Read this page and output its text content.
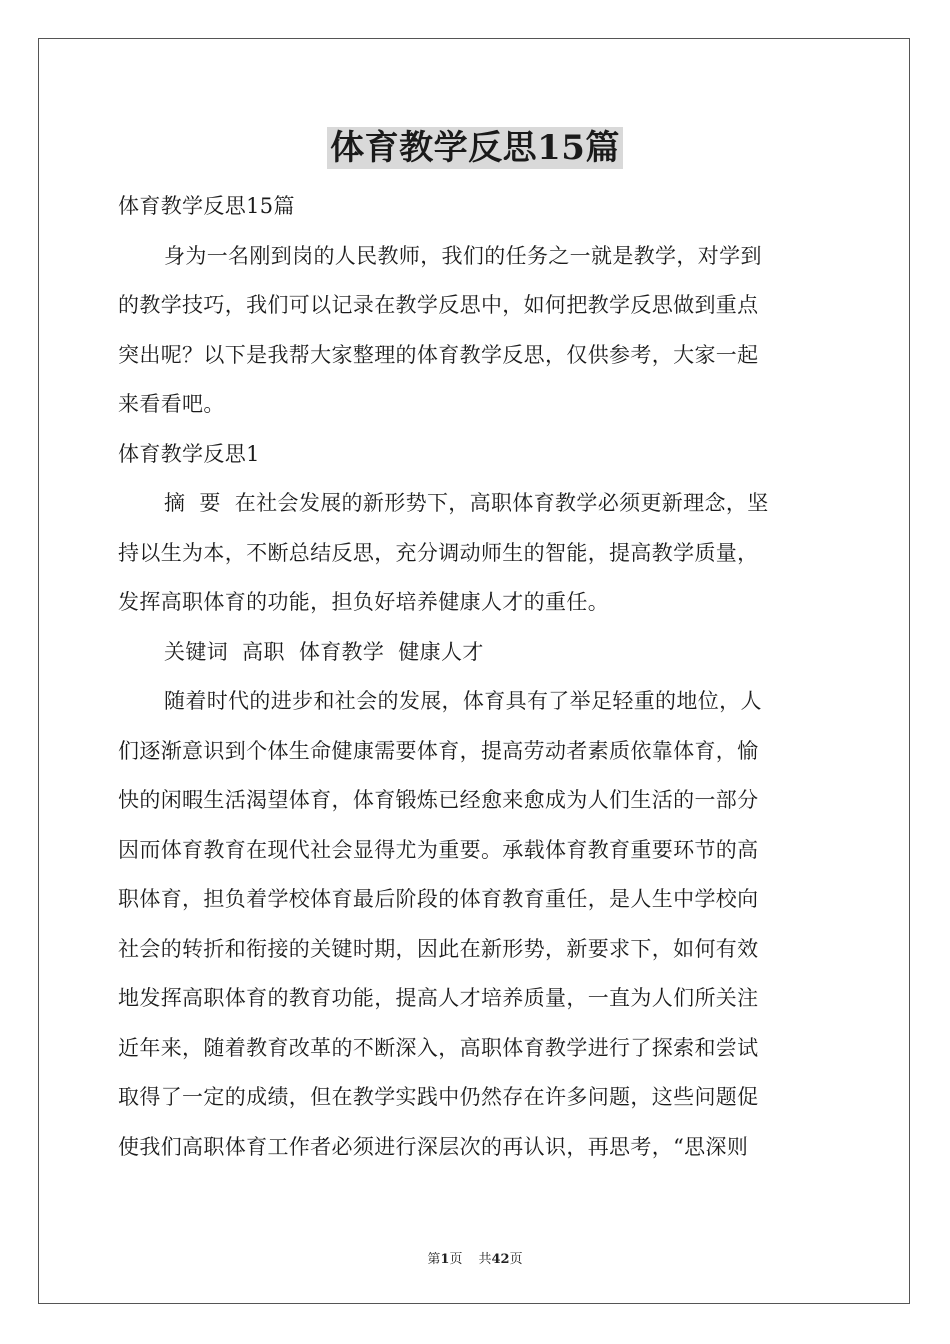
体育教学反思15篇
体育教学反思15篇
身为一名刚到岗的人民教师，我们的任务之一就是教学，对学到
的教学技巧，我们可以记录在教学反思中，如何把教学反思做到重点
突出呢？以下是我帮大家整理的体育教学反思，仅供参考，大家一起
来看看吧。
体育教学反思1
摘  要  在社会发展的新形势下，高职体育教学必须更新理念，坚
持以生为本，不断总结反思，充分调动师生的智能，提高教学质量，
发挥高职体育的功能，担负好培养健康人才的重任。
关键词  高职  体育教学  健康人才
随着时代的进步和社会的发展，体育具有了举足轻重的地位，人
们逐渐意识到个体生命健康需要体育，提高劳动者素质依靠体育，愉
快的闲暇生活渴望体育，体育锻炼已经愈来愈成为人们生活的一部分
因而体育教育在现代社会显得尤为重要。承载体育教育重要环节的高
职体育，担负着学校体育最后阶段的体育教育重任，是人生中学校向
社会的转折和衔接的关键时期，因此在新形势，新要求下，如何有效
地发挥高职体育的教育功能，提高人才培养质量，一直为人们所关注
近年来，随着教育改革的不断深入，高职体育教学进行了探索和尝试
取得了一定的成绩，但在教学实践中仍然存在许多问题，这些问题促
使我们高职体育工作者必须进行深层次的再认识，再思考，“思深则
第1页 共42页
